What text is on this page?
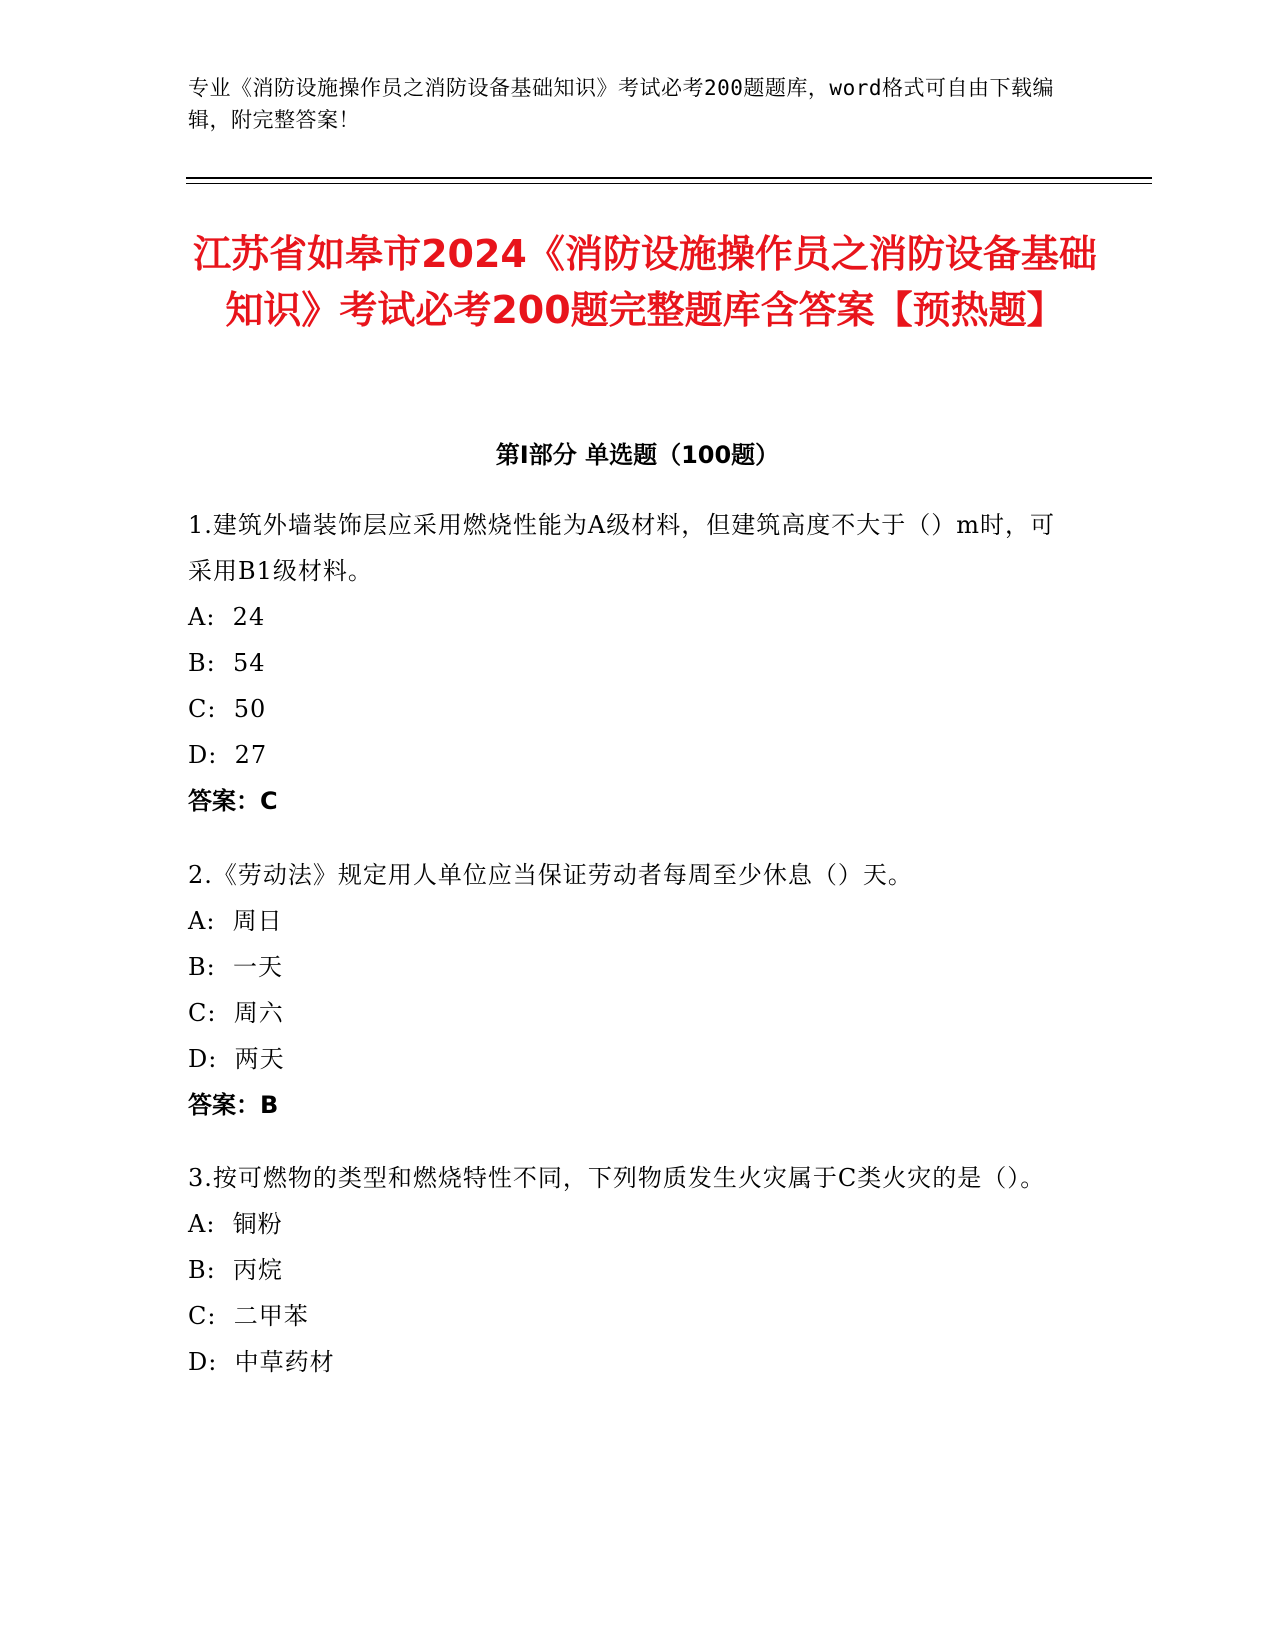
专业《消防设施操作员之消防设备基础知识》考试必考200题题库，word格式可自由下载编辑，附完整答案！
江苏省如皋市2024《消防设施操作员之消防设备基础知识》考试必考200题完整题库含答案【预热题】
第Ⅰ部分 单选题（100题）
1.建筑外墙装饰层应采用燃烧性能为A级材料，但建筑高度不大于（）m时，可采用B1级材料。
A:  24
B:  54
C:  50
D:  27
答案：C
2.《劳动法》规定用人单位应当保证劳动者每周至少休息（）天。
A:  周日
B:  一天
C:  周六
D:  两天
答案：B
3.按可燃物的类型和燃烧特性不同，下列物质发生火灾属于C类火灾的是（）。
A:  铜粉
B:  丙烷
C:  二甲苯
D:  中草药材
